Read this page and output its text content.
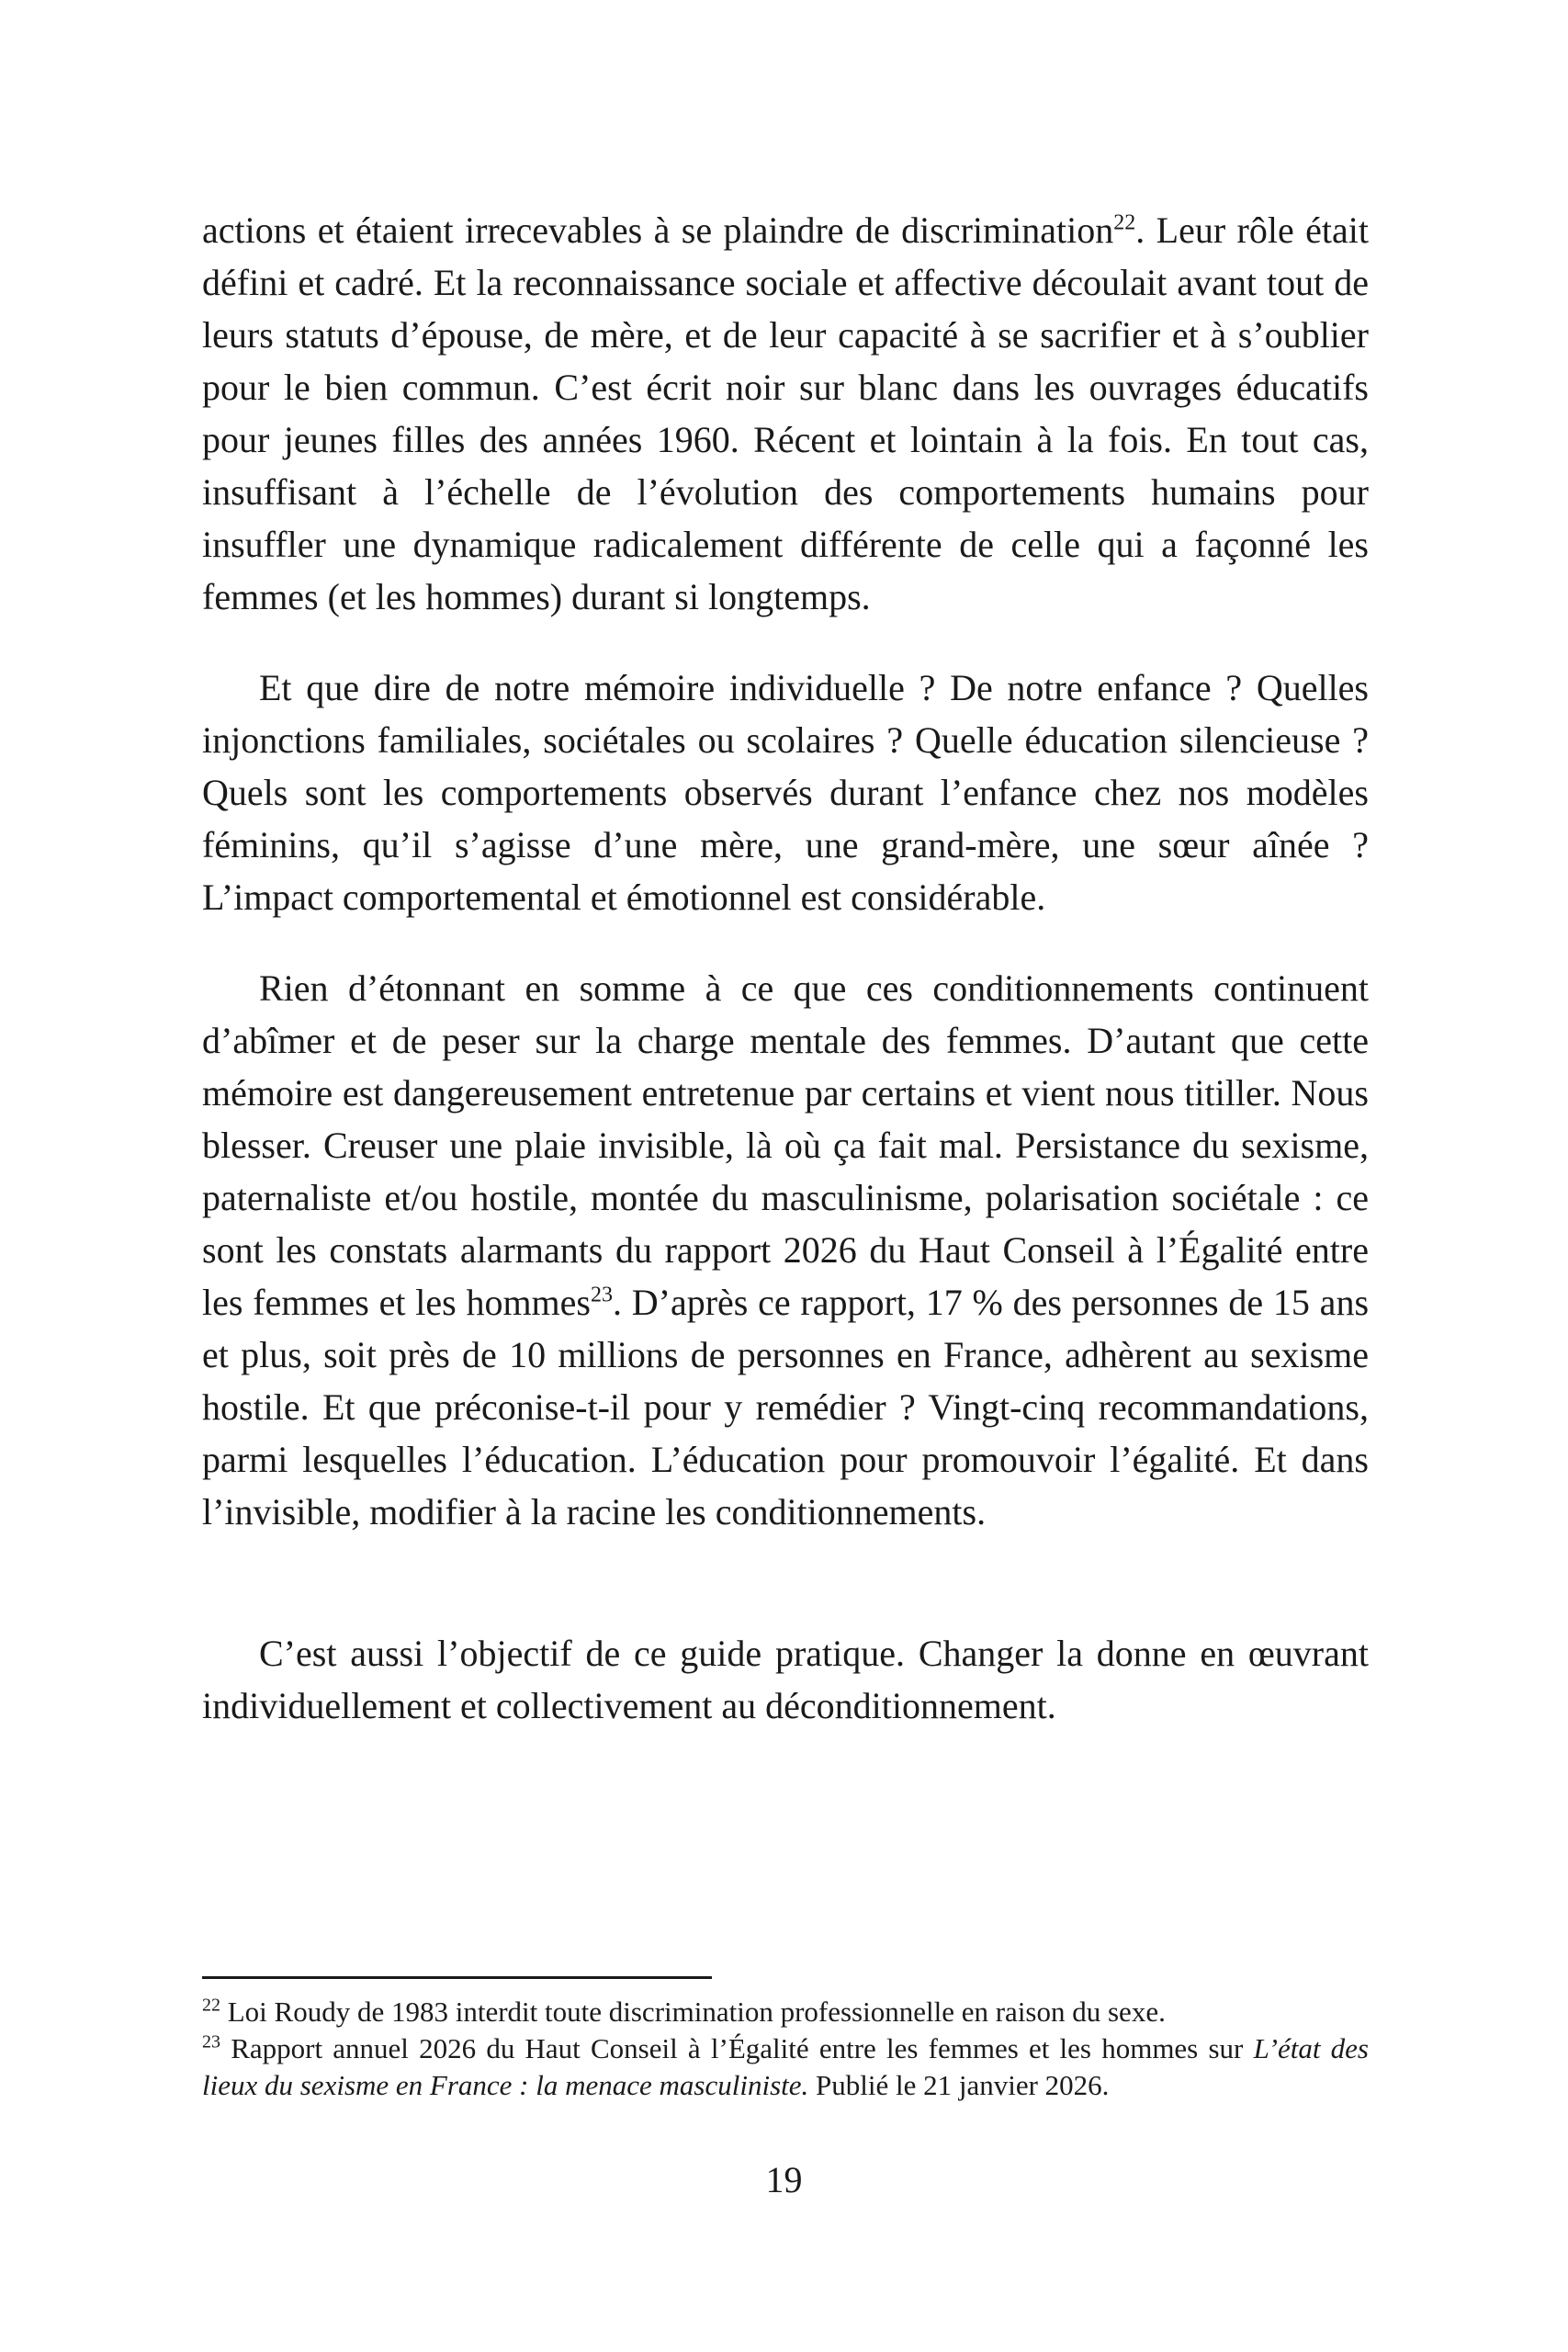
actions et étaient irrecevables à se plaindre de discrimination$^{22}$. Leur rôle était défini et cadré. Et la reconnaissance sociale et affective découlait avant tout de leurs statuts d’épouse, de mère, et de leur capacité à se sacrifier et à s’oublier pour le bien commun. C’est écrit noir sur blanc dans les ouvrages éducatifs pour jeunes filles des années 1960. Récent et lointain à la fois. En tout cas, insuffisant à l’échelle de l’évolution des comportements humains pour insuffler une dynamique radicalement différente de celle qui a façonné les femmes (et les hommes) durant si longtemps.

Et que dire de notre mémoire individuelle ? De notre enfance ? Quelles injonctions familiales, sociétales ou scolaires ? Quelle éducation silencieuse ? Quels sont les comportements observés durant l’enfance chez nos modèles féminins, qu’il s’agisse d’une mère, une grand-mère, une sœur aînée ? L’impact comportemental et émotionnel est considérable.

Rien d’étonnant en somme à ce que ces conditionnements continuent d’abîmer et de peser sur la charge mentale des femmes. D’autant que cette mémoire est dangereusement entretenue par certains et vient nous titiller. Nous blesser. Creuser une plaie invisible, là où ça fait mal. Persistance du sexisme, paternaliste et/ou hostile, montée du masculinisme, polarisation sociétale : ce sont les constats alarmants du rapport 2026 du Haut Conseil à l’Égalité entre les femmes et les hommes$^{23}$. D’après ce rapport, 17 % des personnes de 15 ans et plus, soit près de 10 millions de personnes en France, adhèrent au sexisme hostile. Et que préconise-t-il pour y remédier ? Vingt-cinq recommandations, parmi lesquelles l’éducation. L’éducation pour promouvoir l’égalité. Et dans l’invisible, modifier à la racine les conditionnements.

C’est aussi l’objectif de ce guide pratique. Changer la donne en œuvrant individuellement et collectivement au déconditionnement.

$^{22}$ Loi Roudy de 1983 interdit toute discrimination professionnelle en raison du sexe.

$^{23}$ Rapport annuel 2026 du Haut Conseil à l’Égalité entre les femmes et les hommes sur L’état des lieux du sexisme en France : la menace masculiniste. Publié le 21 janvier 2026.

19
